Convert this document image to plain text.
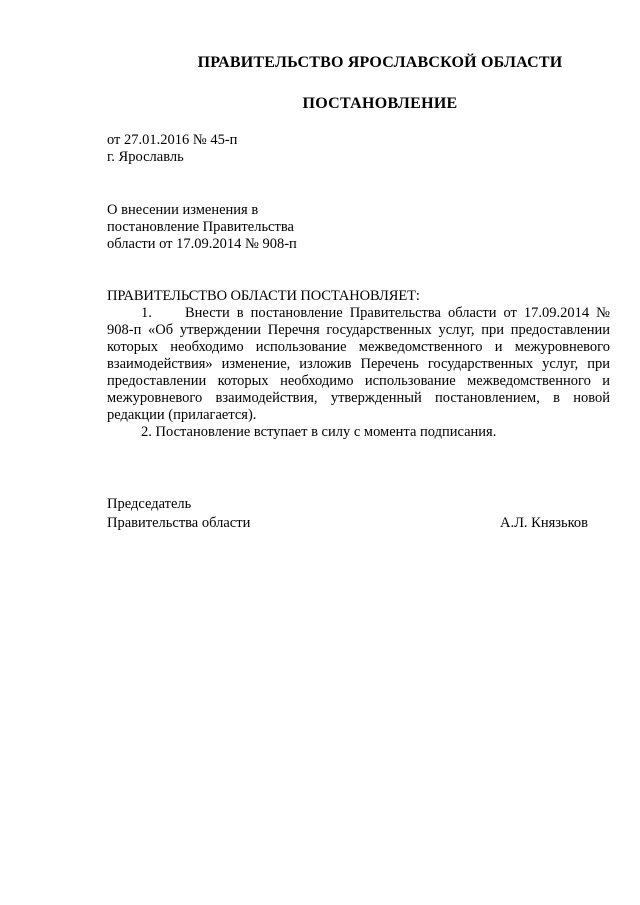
ПРАВИТЕЛЬСТВО ЯРОСЛАВСКОЙ ОБЛАСТИ
ПОСТАНОВЛЕНИЕ
от 27.01.2016 № 45-п
г. Ярославль
О внесении изменения в
постановление Правительства
области от 17.09.2014 № 908-п

ПРАВИТЕЛЬСТВО ОБЛАСТИ ПОСТАНОВЛЯЕТ:

1. Внести в постановление Правительства области от 17.09.2014 № 908-п «Об утверждении Перечня государственных услуг, при предоставлении которых необходимо использование межведомственного и межуровневого взаимодействия» изменение, изложив Перечень государственных услуг, при предоставлении которых необходимо использование межведомственного и межуровневого взаимодействия, утвержденный постановлением, в новой редакции (прилагается).

2. Постановление вступает в силу с момента подписания.

Председатель
Правительства области	А.Л. Князьков
